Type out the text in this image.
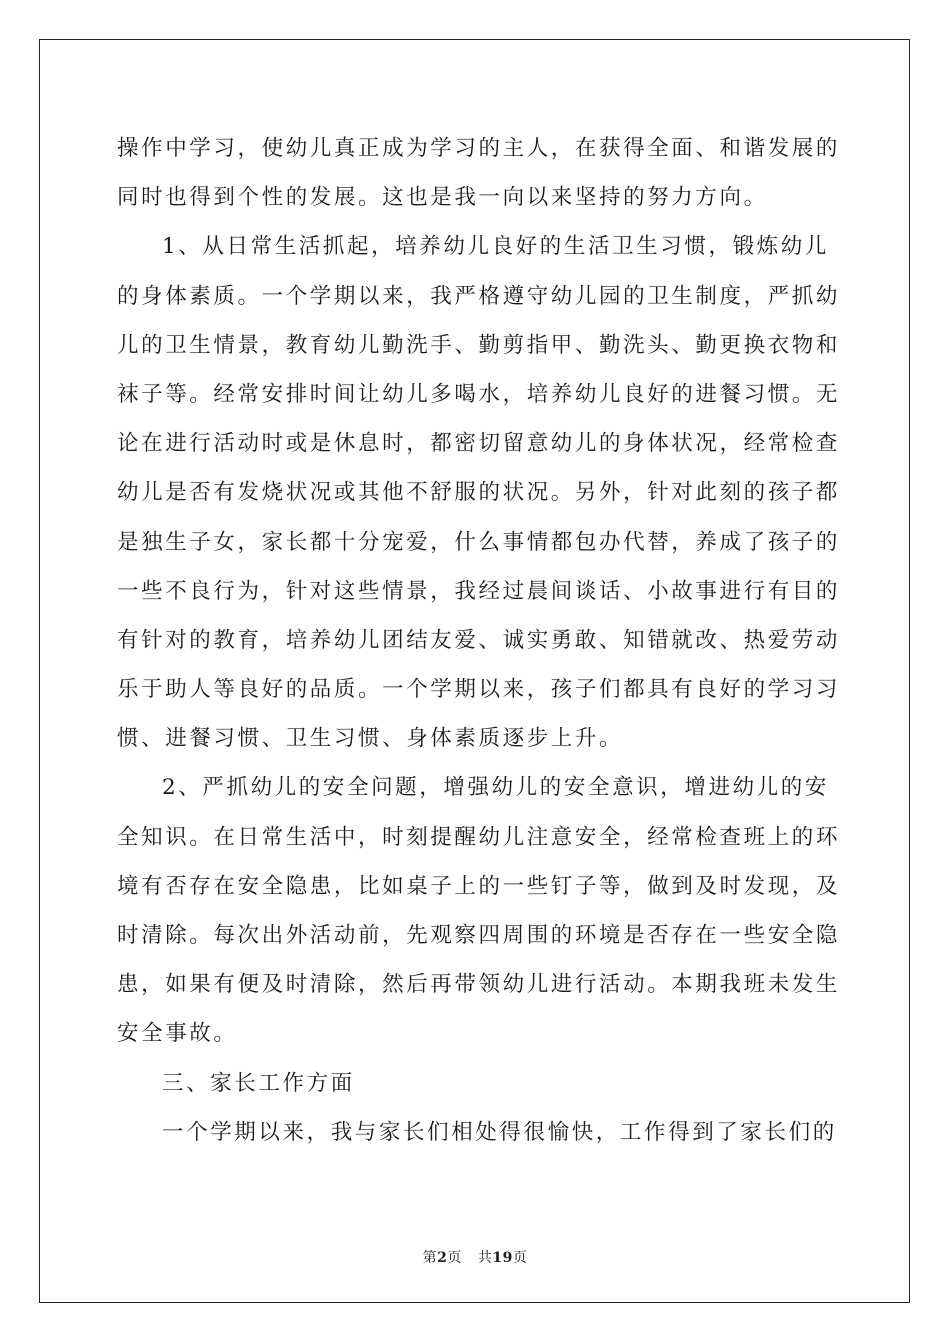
操作中学习，使幼儿真正成为学习的主人，在获得全面、和谐发展的
同时也得到个性的发展。这也是我一向以来坚持的努力方向。
1、从日常生活抓起，培养幼儿良好的生活卫生习惯，锻炼幼儿
的身体素质。一个学期以来，我严格遵守幼儿园的卫生制度，严抓幼
儿的卫生情景，教育幼儿勤洗手、勤剪指甲、勤洗头、勤更换衣物和
袜子等。经常安排时间让幼儿多喝水，培养幼儿良好的进餐习惯。无
论在进行活动时或是休息时，都密切留意幼儿的身体状况，经常检查
幼儿是否有发烧状况或其他不舒服的状况。另外，针对此刻的孩子都
是独生子女，家长都十分宠爱，什么事情都包办代替，养成了孩子的
一些不良行为，针对这些情景，我经过晨间谈话、小故事进行有目的
有针对的教育，培养幼儿团结友爱、诚实勇敢、知错就改、热爱劳动
乐于助人等良好的品质。一个学期以来，孩子们都具有良好的学习习
惯、进餐习惯、卫生习惯、身体素质逐步上升。
2、严抓幼儿的安全问题，增强幼儿的安全意识，增进幼儿的安
全知识。在日常生活中，时刻提醒幼儿注意安全，经常检查班上的环
境有否存在安全隐患，比如桌子上的一些钉子等，做到及时发现，及
时清除。每次出外活动前，先观察四周围的环境是否存在一些安全隐
患，如果有便及时清除，然后再带领幼儿进行活动。本期我班未发生
安全事故。
三、家长工作方面
一个学期以来，我与家长们相处得很愉快，工作得到了家长们的
第2页 共19页
